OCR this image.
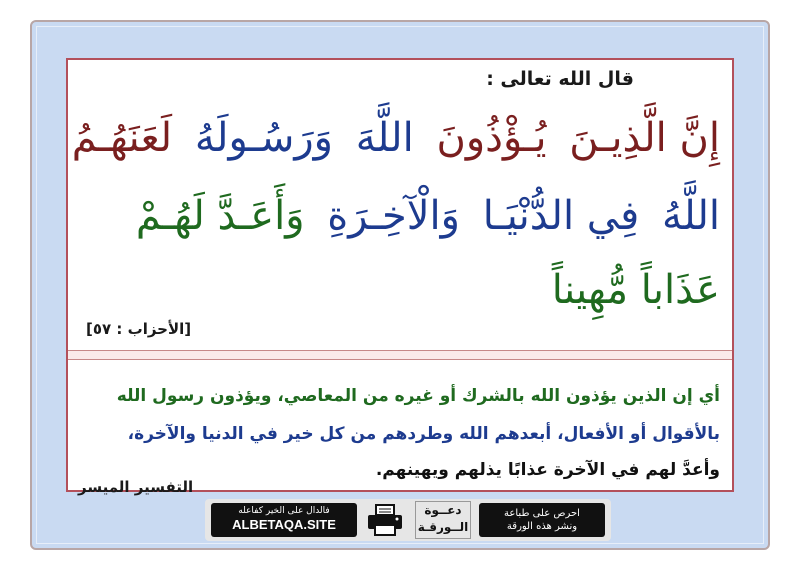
قال الله تعالى :
إِنَّ الَّذِيـنَ يُـؤْذُونَ اللَّهَ وَرَسُـولَهُ لَعَنَهُـمُ
اللَّهُ فِي الدُّنْيَـا وَالْآخِـرَةِ وَأَعَـدَّ لَهُـمْ
عَذَاباً مُّهِيناً
[الأحزاب : ٥٧]
أي إن الذين يؤذون الله بالشرك أو غيره من المعاصي، ويؤذون رسول الله
بالأقوال أو الأفعال، أبعدهم الله وطردهم من كل خير في الدنيا والآخرة،
وأعدَّ لهم في الآخرة عذابًا يذلهم ويهينهم.
التفسير الميسر
فالدال على الخير كفاعله
ALBETAQA.SITE
دعــوة
الــورقـة
احرص على طباعة
ونشر هذه الورقة
